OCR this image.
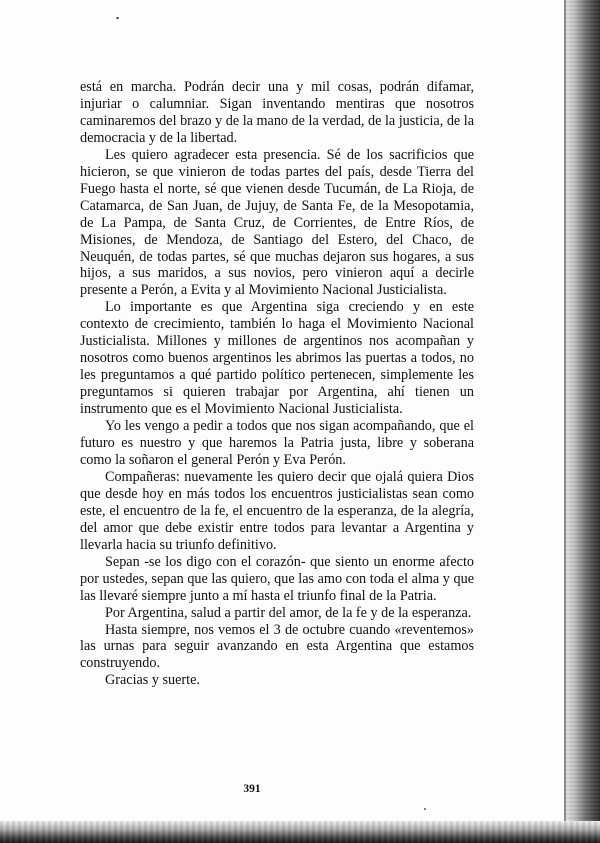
está en marcha. Podrán decir una y mil cosas, podrán difamar, injuriar o calumniar. Sigan inventando mentiras que nosotros caminaremos del brazo y de la mano de la verdad, de la justicia, de la democracia y de la libertad.

Les quiero agradecer esta presencia. Sé de los sacrificios que hicieron, se que vinieron de todas partes del país, desde Tierra del Fuego hasta el norte, sé que vienen desde Tucumán, de La Rioja, de Catamarca, de San Juan, de Jujuy, de Santa Fe, de la Mesopotamia, de La Pampa, de Santa Cruz, de Corrientes, de Entre Ríos, de Misiones, de Mendoza, de Santiago del Estero, del Chaco, de Neuquén, de todas partes, sé que muchas dejaron sus hogares, a sus hijos, a sus maridos, a sus novios, pero vinieron aquí a decirle presente a Perón, a Evita y al Movimiento Nacional Justicialista.

Lo importante es que Argentina siga creciendo y en este contexto de crecimiento, también lo haga el Movimiento Nacional Justicialista. Millones y millones de argentinos nos acompañan y nosotros como buenos argentinos les abrimos las puertas a todos, no les preguntamos a qué partido político pertenecen, simplemente les preguntamos si quieren trabajar por Argentina, ahí tienen un instrumento que es el Movimiento Nacional Justicialista.

Yo les vengo a pedir a todos que nos sigan acompañando, que el futuro es nuestro y que haremos la Patria justa, libre y soberana como la soñaron el general Perón y Eva Perón.

Compañeras: nuevamente les quiero decir que ojalá quiera Dios que desde hoy en más todos los encuentros justicialistas sean como este, el encuentro de la fe, el encuentro de la esperanza, de la alegría, del amor que debe existir entre todos para levantar a Argentina y llevarla hacia su triunfo definitivo.

Sepan -se los digo con el corazón- que siento un enorme afecto por ustedes, sepan que las quiero, que las amo con toda el alma y que las llevaré siempre junto a mí hasta el triunfo final de la Patria.

Por Argentina, salud a partir del amor, de la fe y de la esperanza.

Hasta siempre, nos vemos el 3 de octubre cuando «reventemos» las urnas para seguir avanzando en esta Argentina que estamos construyendo.

Gracias y suerte.

391
